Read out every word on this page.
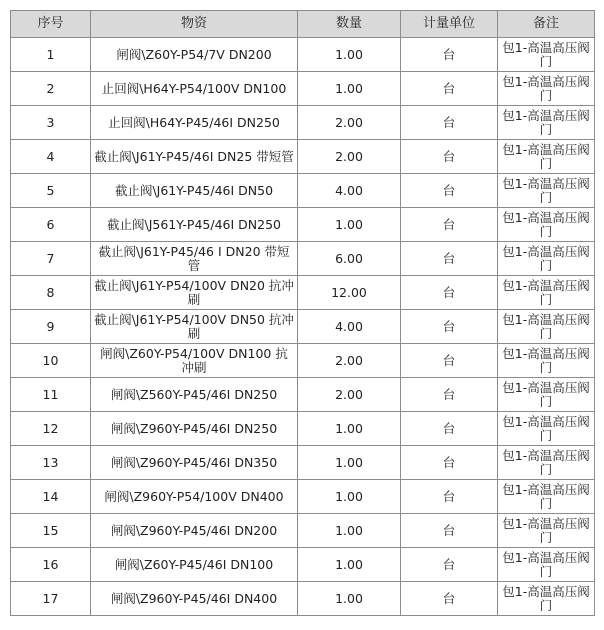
序号	物资	数量	计量单位	备注
1	闸阀\Z60Y-P54/7V DN200	1.00	台	包1-高温高压阀门
2	止回阀\H64Y-P54/100V DN100	1.00	台	包1-高温高压阀门
3	止回阀\H64Y-P45/46I DN250	2.00	台	包1-高温高压阀门
4	截止阀\J61Y-P45/46I DN25 带短管	2.00	台	包1-高温高压阀门
5	截止阀\J61Y-P45/46I DN50	4.00	台	包1-高温高压阀门
6	截止阀\J561Y-P45/46I DN250	1.00	台	包1-高温高压阀门
7	截止阀\J61Y-P45/46 I DN20 带短管	6.00	台	包1-高温高压阀门
8	截止阀\J61Y-P54/100V DN20 抗冲刷	12.00	台	包1-高温高压阀门
9	截止阀\J61Y-P54/100V DN50 抗冲刷	4.00	台	包1-高温高压阀门
10	闸阀\Z60Y-P54/100V DN100 抗冲刷	2.00	台	包1-高温高压阀门
11	闸阀\Z560Y-P45/46I DN250	2.00	台	包1-高温高压阀门
12	闸阀\Z960Y-P45/46I DN250	1.00	台	包1-高温高压阀门
13	闸阀\Z960Y-P45/46I DN350	1.00	台	包1-高温高压阀门
14	闸阀\Z960Y-P54/100V DN400	1.00	台	包1-高温高压阀门
15	闸阀\Z960Y-P45/46I DN200	1.00	台	包1-高温高压阀门
16	闸阀\Z60Y-P45/46I DN100	1.00	台	包1-高温高压阀门
17	闸阀\Z960Y-P45/46I DN400	1.00	台	包1-高温高压阀门
